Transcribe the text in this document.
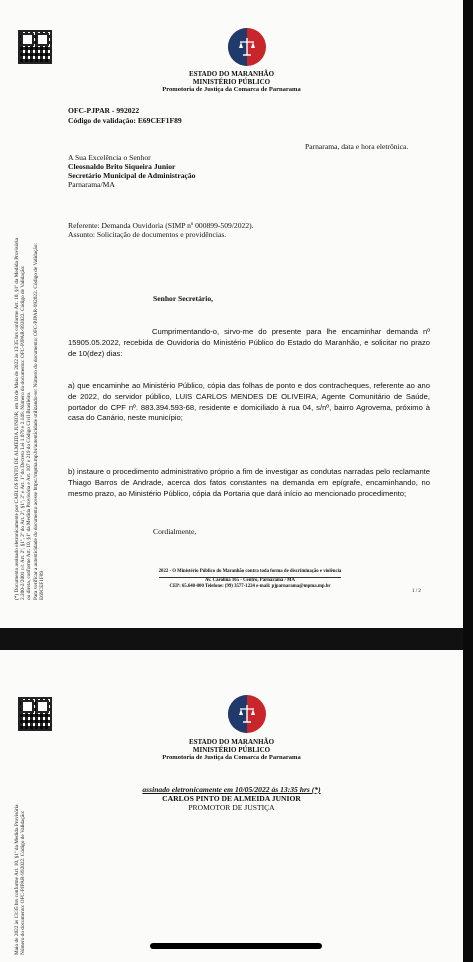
(*) Documento assinado eletronicamente por CARLOS PINTO DE ALMEIDA JUNIOR, em 10 de Maio de 2022 às 13:35 hrs conforme Art. 10, §1º da Medida Provisória 2.200-2/2001 c/c Art. 2º, §1º, 2º do Art. 2º, §1º, 2º e Art. 1º do Decreto Lei 1.079 e 2.149. Número do documento: OFC-PJPAR-992022. Código de Validação: ou direta, conforme Art. 10, §1º da Medida Provisória e Art. 107 e 219 do Código Civil Brasileiro. Para verificar a autenticidade do documento acesse https://mpma.mp.br/autenticidade utilizando-se: Número do documento: OFC-PJPAR-992022. Código de Validação: E69CEF1F89
ESTADO DO MARANHÃO
MINISTÉRIO PÚBLICO
Promotoria de Justiça da Comarca de Parnarama
OFC-PJPAR - 992022
Código de validação: E69CEF1F89
Parnarama, data e hora eletrônica.
A Sua Excelência o Senhor
Cleosnaldo Brito Siqueira Junior
Secretário Municipal de Administração
Parnarama/MA
Referente: Demanda Ouvidoria (SIMP nº 000899-509/2022).
Assunto: Solicitação de documentos e providências.
Senhor Secretário,
Cumprimentando-o, sirvo-me do presente para lhe encaminhar demanda nº 15905.05.2022, recebida de Ouvidoria do Ministério Público do Estado do Maranhão, e solicitar no prazo de 10(dez) dias:
a) que encaminhe ao Ministério Público, cópia das folhas de ponto e dos contracheques, referente ao ano de 2022, do servidor público, LUIS CARLOS MENDES DE OLIVEIRA, Agente Comunitário de Saúde, portador do CPF nº. 883.394.593-68, residente e domiciliado à rua 04, s/nº, bairro Agrovema, próximo à casa do Canário, neste município;
b) instaure o procedimento administrativo próprio a fim de investigar as condutas narradas pelo reclamante Thiago Barros de Andrade, acerca dos fatos constantes na demanda em epígrafe, encaminhando, no mesmo prazo, ao Ministério Público, cópia da Portaria que dará início ao mencionado procedimento;
Cordialmente,
2022 - O Ministério Público do Maranhão contra toda forma de discriminação e violência
Av. Carolina 165 - Centro, Parnarama / MA
CEP: 65.640-000 Telefone: (99) 3577-1224 e-mail: pjparnarama@mpma.mp.br
1 / 2
Maio de 2022 às 13:35 hrs conforme Art. 10, §1º da Medida Provisória Número do documento: OFC-PJPAR-992022. Código de Validação:
ESTADO DO MARANHÃO
MINISTÉRIO PÚBLICO
Promotoria de Justiça da Comarca de Parnarama
assinado eletronicamente em 10/05/2022 às 13:35 hrs (*)
CARLOS PINTO DE ALMEIDA JUNIOR
PROMOTOR DE JUSTIÇA
